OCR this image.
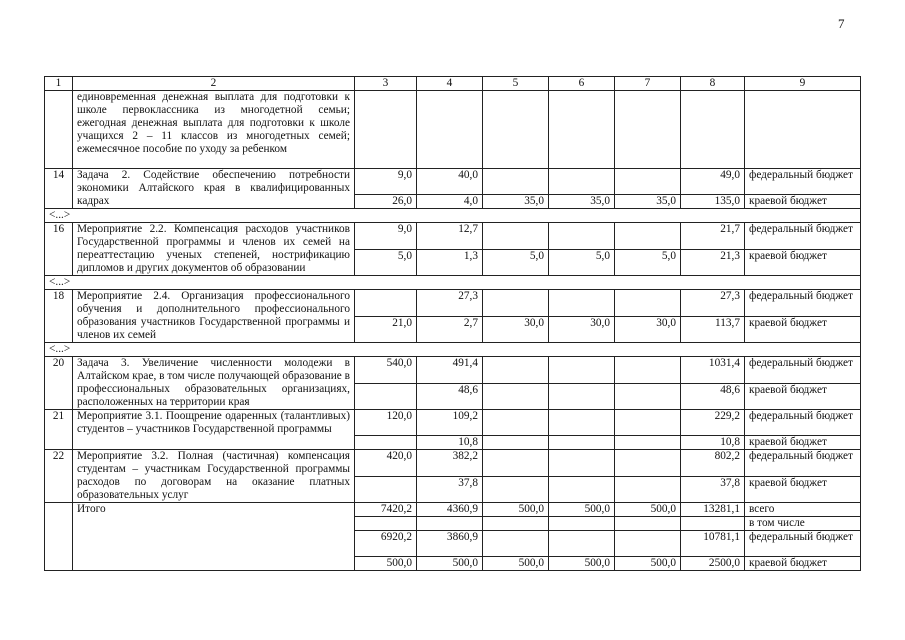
7
1	2	3	4	5	6	7	8	9
	единовременная денежная выплата для подготовки к школе первоклассника из многодетной семьи; ежегодная денежная выплата для подготовки к школе учащихся 2 – 11 классов из многодетных семей; ежемесячное пособие по уходу за ребенком							
14	Задача 2. Содействие обеспечению потребности экономики Алтайского края в квалифицированных кадрах	9,0	40,0				49,0	федеральный бюджет
		26,0	4,0	35,0	35,0	35,0	135,0	краевой бюджет
<...>								
16	Мероприятие 2.2. Компенсация расходов участников Государственной программы и членов их семей на переаттестацию ученых степеней, нострификацию дипломов и других документов об образовании	9,0	12,7				21,7	федеральный бюджет
		5,0	1,3	5,0	5,0	5,0	21,3	краевой бюджет
<...>								
18	Мероприятие 2.4. Организация профессионального обучения и дополнительного профессионального образования участников Государственной программы и членов их семей		27,3				27,3	федеральный бюджет
		21,0	2,7	30,0	30,0	30,0	113,7	краевой бюджет
<...>								
20	Задача 3. Увеличение численности молодежи в Алтайском крае, в том числе получающей образование в профессиональных образовательных организациях, расположенных на территории края	540,0	491,4				1031,4	федеральный бюджет
			48,6				48,6	краевой бюджет
21	Мероприятие 3.1. Поощрение одаренных (талантливых) студентов – участников Государственной программы	120,0	109,2				229,2	федеральный бюджет
			10,8				10,8	краевой бюджет
22	Мероприятие 3.2. Полная (частичная) компенсация студентам – участникам Государственной программы расходов по договорам на оказание платных образовательных услуг	420,0	382,2				802,2	федеральный бюджет
			37,8				37,8	краевой бюджет
	Итого	7420,2	4360,9	500,0	500,0	500,0	13281,1	всего
								в том числе
		6920,2	3860,9				10781,1	федеральный бюджет
		500,0	500,0	500,0	500,0	500,0	2500,0	краевой бюджет
